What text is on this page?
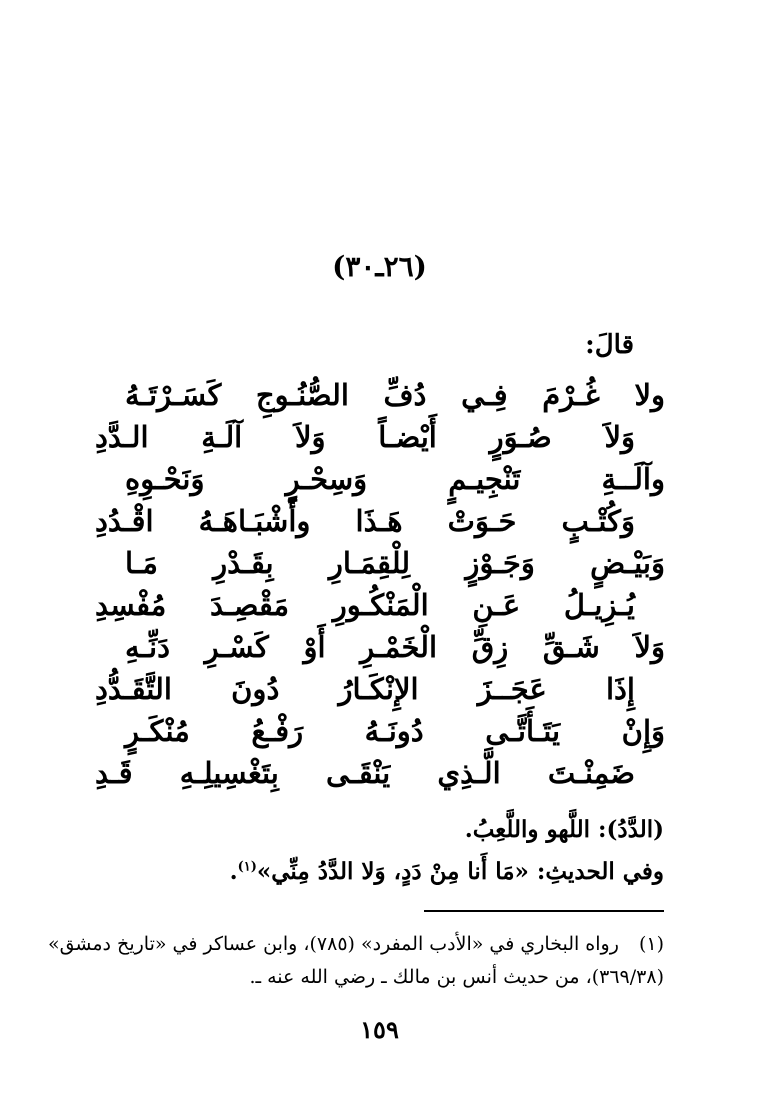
(٢٦ـ٣٠)
قالَ:
ولا غُـرْمَ فِـي دُفِّ الصُّنُـوجِ كَسَـرْتَـهُ
وَلاَ صُـوَرٍ أَيْضـاً وَلاَ آلَـةِ الـدَّدِ
وآلَــةِ تَنْجِيـمٍ وَسِحْـرٍ وَنَحْـوِهِ
وَكُتْـبٍ حَـوَتْ هَـذَا وأَشْبَـاهَـهُ اقْـدُدِ
وَبَيْـضٍ وَجَـوْزٍ لِلْقِمَـارِ بِقَـدْرِ مَـا
يُـزِيـلُ عَـنِ الْمَنْكُـورِ مَقْصِـدَ مُفْسِدِ
وَلاَ شَـقِّ زِقِّ الْخَمْـرِ أَوْ كَسْـرِ دَنِّـهِ
إِذَا عَجَــزَ الإِنْكَـارُ دُونَ التَّقَـدُّدِ
وَإِنْ يَتَـأَتَّـى دُونَـهُ رَفْـعُ مُنْكَـرٍ
ضَمِنْـتَ الَّـذِي يَنْقَـى بِتَغْسِيلِـهِ قَـدِ
(الدَّدُ): اللَّهو واللَّعِبُ.
وفي الحديثِ: «مَا أَنا مِنْ دَدٍ، وَلا الدَّدُ مِنِّي»$^{(١)}$.
(١) رواه البخاري في «الأدب المفرد» (٧٨٥)، وابن عساكر في «تاريخ دمشق»
(٣٦٩/٣٨)، من حديث أنس بن مالك ـ رضي الله عنه ـ.
١٥٩
